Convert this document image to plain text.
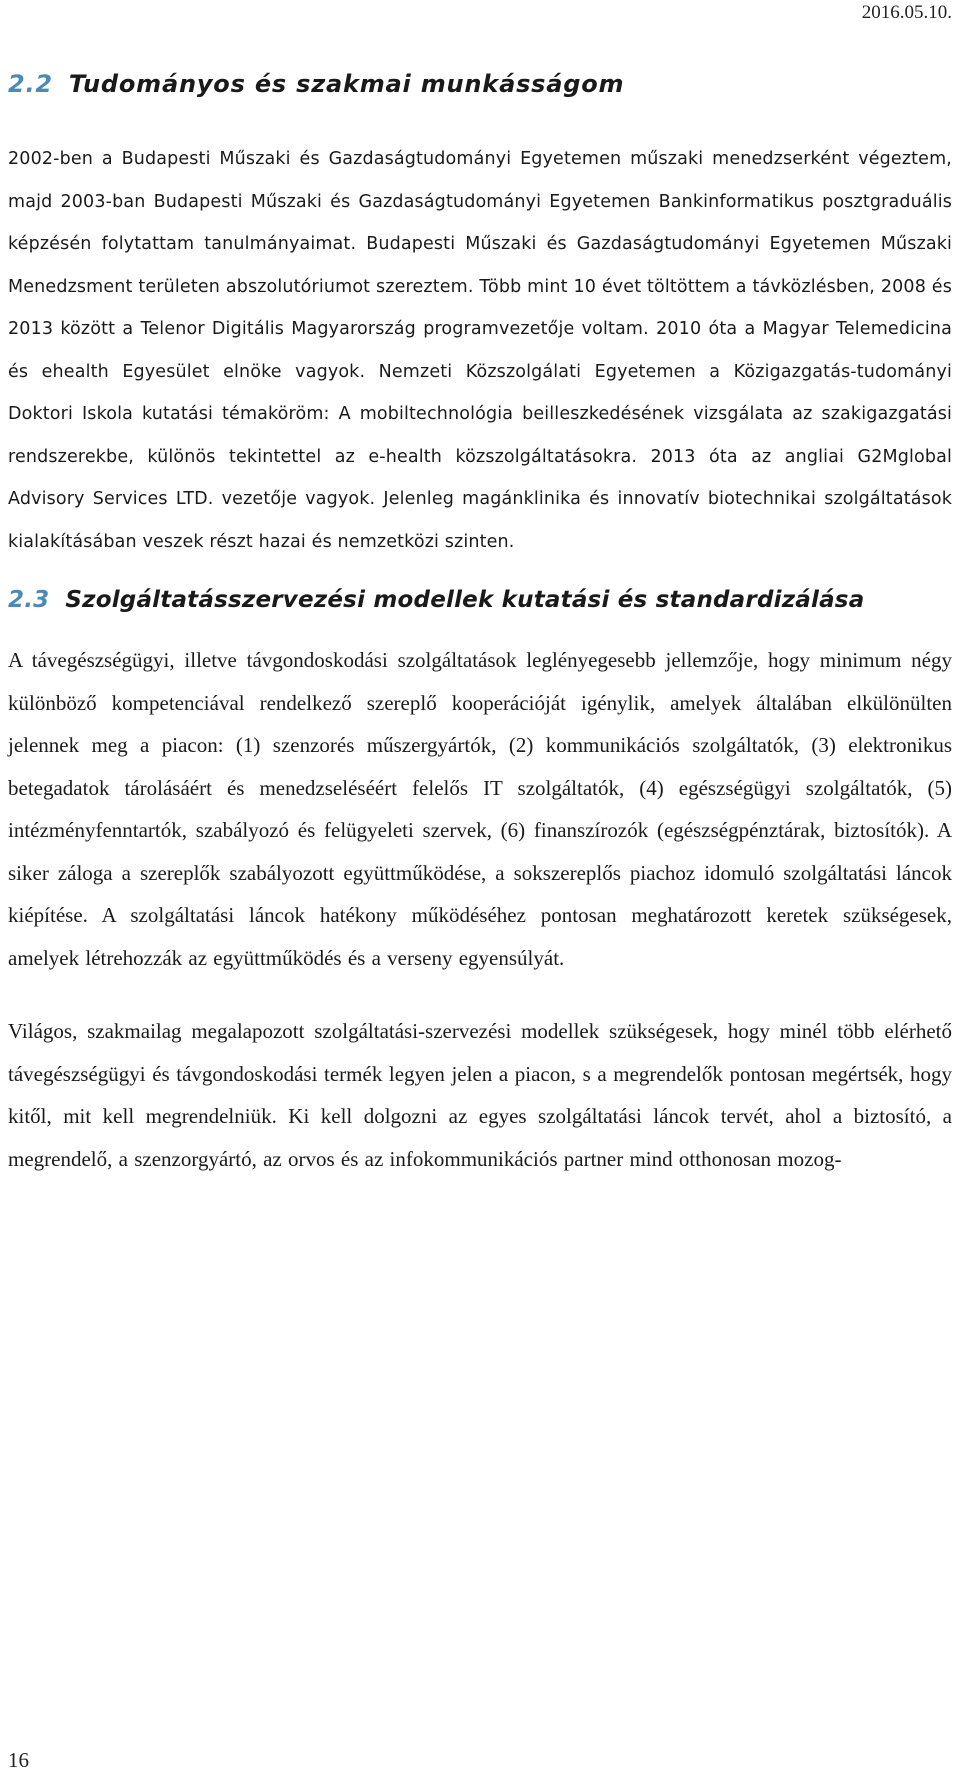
2016.05.10.
2.2 Tudományos és szakmai munkásságom

2002-ben a Budapesti Műszaki és Gazdaságtudományi Egyetemen műszaki menedzserként végeztem, majd 2003-ban Budapesti Műszaki és Gazdaságtudományi Egyetemen Bankinformatikus posztgraduális képzésén folytattam tanulmányaimat. Budapesti Műszaki és Gazdaságtudományi Egyetemen Műszaki Menedzsment területen abszolutóriumot szereztem. Több mint 10 évet töltöttem a távközlésben, 2008 és 2013 között a Telenor Digitális Magyarország programvezetője voltam. 2010 óta a Magyar Telemedicina és ehealth Egyesület elnöke vagyok. Nemzeti Közszolgálati Egyetemen a Közigazgatás-tudományi Doktori Iskola kutatási témaköröm: A mobiltechnológia beilleszkedésének vizsgálata az szakigazgatási rendszerekbe, különös tekintettel az e-health közszolgáltatásokra. 2013 óta az angliai G2Mglobal Advisory Services LTD. vezetője vagyok. Jelenleg magánklinika és innovatív biotechnikai szolgáltatások kialakításában veszek részt hazai és nemzetközi szinten.

2.3 Szolgáltatásszervezési modellek kutatási és standardizálása

A távegészségügyi, illetve távgondoskodási szolgáltatások leglényegesebb jellemzője, hogy minimum négy különböző kompetenciával rendelkező szereplő kooperációját igénylik, amelyek általában elkülönülten jelennek meg a piacon: (1) szenzorés műszergyártók, (2) kommunikációs szolgáltatók, (3) elektronikus betegadatok tárolásáért és menedzseléséért felelős IT szolgáltatók, (4) egészségügyi szolgáltatók, (5) intézményfenntartók, szabályozó és felügyeleti szervek, (6) finanszírozók (egészségpénztárak, biztosítók). A siker záloga a szereplők szabályozott együttműködése, a sokszereplős piachoz idomuló szolgáltatási láncok kiépítése. A szolgáltatási láncok hatékony működéséhez pontosan meghatározott keretek szükségesek, amelyek létrehozzák az együttműködés és a verseny egyensúlyát.

Világos, szakmailag megalapozott szolgáltatási-szervezési modellek szükségesek, hogy minél több elérhető távegészségügyi és távgondoskodási termék legyen jelen a piacon, s a megrendelők pontosan megértsék, hogy kitől, mit kell megrendelniük. Ki kell dolgozni az egyes szolgáltatási láncok tervét, ahol a biztosító, a megrendelő, a szenzorgyártó, az orvos és az infokommunikációs partner mind otthonosan mozog-

16
